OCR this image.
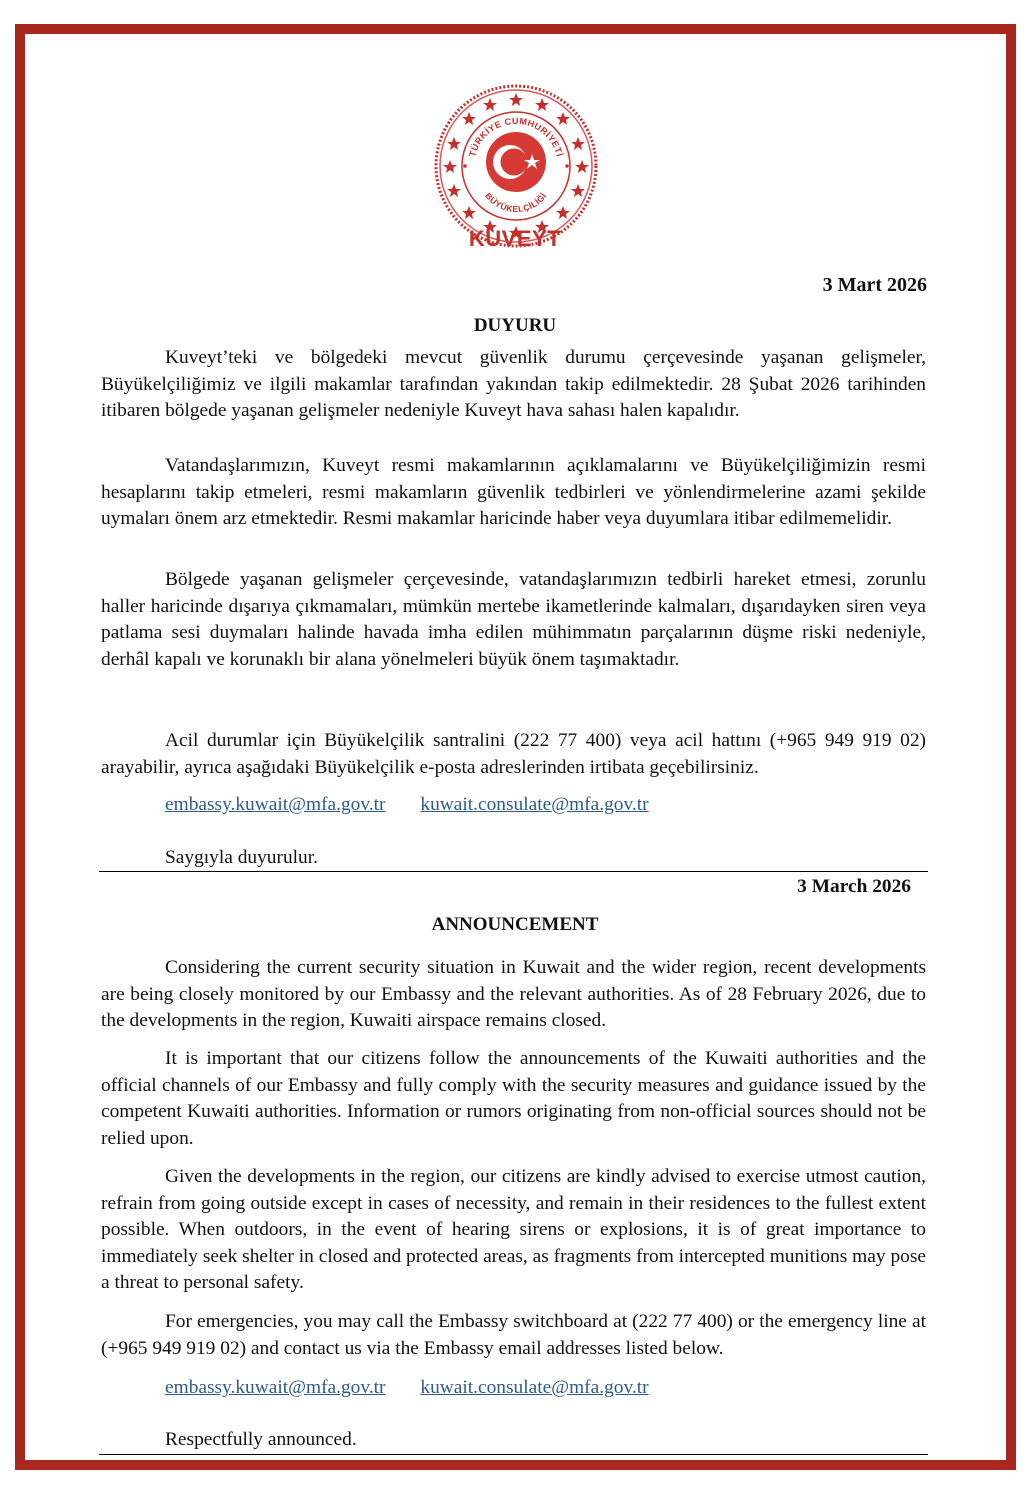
TÜRKİYE CUMHURİYETİ
BÜYÜKELÇİLİĞİ
KUVEYT
3 Mart 2026
DUYURU

Kuveyt’teki ve bölgedeki mevcut güvenlik durumu çerçevesinde yaşanan gelişmeler, Büyükelçiliğimiz ve ilgili makamlar tarafından yakından takip edilmektedir. 28 Şubat 2026 tarihinden itibaren bölgede yaşanan gelişmeler nedeniyle Kuveyt hava sahası halen kapalıdır.

Vatandaşlarımızın, Kuveyt resmi makamlarının açıklamalarını ve Büyükelçiliğimizin resmi hesaplarını takip etmeleri, resmi makamların güvenlik tedbirleri ve yönlendirmelerine azami şekilde uymaları önem arz etmektedir. Resmi makamlar haricinde haber veya duyumlara itibar edilmemelidir.

Bölgede yaşanan gelişmeler çerçevesinde, vatandaşlarımızın tedbirli hareket etmesi, zorunlu haller haricinde dışarıya çıkmamaları, mümkün mertebe ikametlerinde kalmaları, dışarıdayken siren veya patlama sesi duymaları halinde havada imha edilen mühimmatın parçalarının düşme riski nedeniyle, derhâl kapalı ve korunaklı bir alana yönelmeleri büyük önem taşımaktadır.

Acil durumlar için Büyükelçilik santralini (222 77 400) veya acil hattını (+965 949 919 02) arayabilir, ayrıca aşağıdaki Büyükelçilik e-posta adreslerinden irtibata geçebilirsiniz.

embassy.kuwait@mfa.gov.tr kuwait.consulate@mfa.gov.tr
Saygıyla duyurulur.
3 March 2026
ANNOUNCEMENT

Considering the current security situation in Kuwait and the wider region, recent developments are being closely monitored by our Embassy and the relevant authorities. As of 28 February 2026, due to the developments in the region, Kuwaiti airspace remains closed.

It is important that our citizens follow the announcements of the Kuwaiti authorities and the official channels of our Embassy and fully comply with the security measures and guidance issued by the competent Kuwaiti authorities. Information or rumors originating from non-official sources should not be relied upon.

Given the developments in the region, our citizens are kindly advised to exercise utmost caution, refrain from going outside except in cases of necessity, and remain in their residences to the fullest extent possible. When outdoors, in the event of hearing sirens or explosions, it is of great importance to immediately seek shelter in closed and protected areas, as fragments from intercepted munitions may pose a threat to personal safety.

For emergencies, you may call the Embassy switchboard at (222 77 400) or the emergency line at (+965 949 919 02) and contact us via the Embassy email addresses listed below.

embassy.kuwait@mfa.gov.tr kuwait.consulate@mfa.gov.tr
Respectfully announced.
